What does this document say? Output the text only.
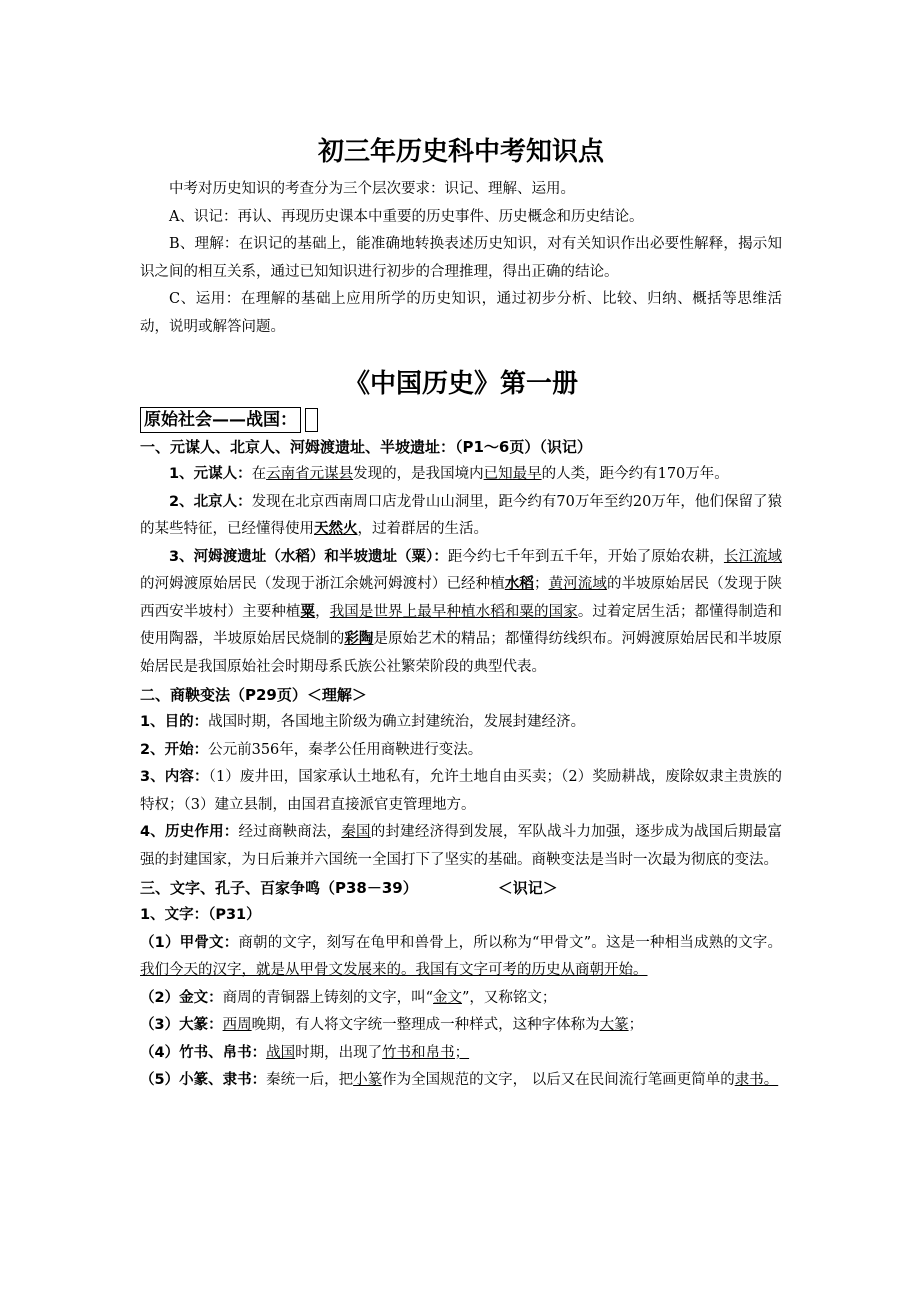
初三年历史科中考知识点

中考对历史知识的考查分为三个层次要求：识记、理解、运用。

A、识记：再认、再现历史课本中重要的历史事件、历史概念和历史结论。

B、理解：在识记的基础上，能准确地转换表述历史知识，对有关知识作出必要性解释，揭示知识之间的相互关系，通过已知知识进行初步的合理推理，得出正确的结论。

C、运用：在理解的基础上应用所学的历史知识，通过初步分析、比较、归纳、概括等思维活动，说明或解答问题。

《中国历史》第一册

原始社会——战国：

一、元谋人、北京人、河姆渡遗址、半坡遗址：（P1～6页）（识记）

1、元谋人：在云南省元谋县发现的，是我国境内已知最早的人类，距今约有170万年。

2、北京人：发现在北京西南周口店龙骨山山洞里，距今约有70万年至约20万年，他们保留了猿的某些特征，已经懂得使用天然火，过着群居的生活。

3、河姆渡遗址（水稻）和半坡遗址（粟）：距今约七千年到五千年，开始了原始农耕，长江流域的河姆渡原始居民（发现于浙江余姚河姆渡村）已经种植水稻；黄河流域的半坡原始居民（发现于陕西西安半坡村）主要种植粟，我国是世界上最早种植水稻和粟的国家。过着定居生活；都懂得制造和使用陶器，半坡原始居民烧制的彩陶是原始艺术的精品；都懂得纺线织布。河姆渡原始居民和半坡原始居民是我国原始社会时期母系氏族公社繁荣阶段的典型代表。

二、商鞅变法（P29页）＜理解＞

1、目的：战国时期，各国地主阶级为确立封建统治，发展封建经济。

2、开始：公元前356年，秦孝公任用商鞅进行变法。

3、内容：（1）废井田，国家承认土地私有，允许土地自由买卖；（2）奖励耕战，废除奴隶主贵族的特权；（3）建立县制，由国君直接派官吏管理地方。

4、历史作用：经过商鞅商法，秦国的封建经济得到发展，军队战斗力加强，逐步成为战国后期最富强的封建国家，为日后兼并六国统一全国打下了坚实的基础。商鞅变法是当时一次最为彻底的变法。

三、文字、孔子、百家争鸣（P38－39）	＜识记＞

1、文字：（P31）

（1）甲骨文：商朝的文字，刻写在龟甲和兽骨上，所以称为“甲骨文”。这是一种相当成熟的文字。我们今天的汉字，就是从甲骨文发展来的。我国有文字可考的历史从商朝开始。

（2）金文：商周的青铜器上铸刻的文字，叫“金文”，又称铭文；

（3）大篆：西周晚期，有人将文字统一整理成一种样式，这种字体称为大篆；

（4）竹书、帛书：战国时期，出现了竹书和帛书；

（5）小篆、隶书：秦统一后，把小篆作为全国规范的文字， 以后又在民间流行笔画更简单的隶书。
